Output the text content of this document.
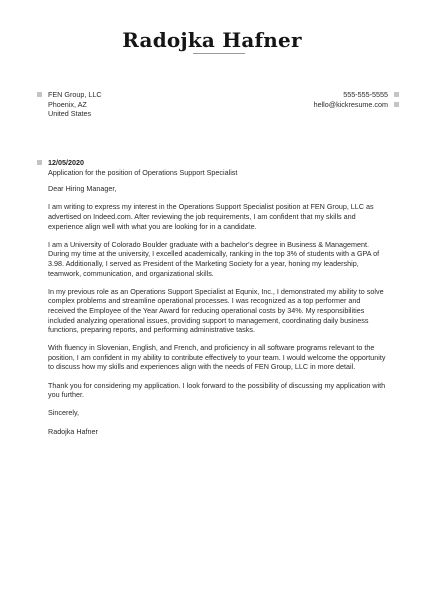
Radojka Hafner
FEN Group, LLC
Phoenix, AZ
United States
555-555-5555
hello@kickresume.com
12/05/2020
Application for the position of Operations Support Specialist

Dear Hiring Manager,

I am writing to express my interest in the Operations Support Specialist position at FEN Group, LLC as advertised on Indeed.com. After reviewing the job requirements, I am confident that my skills and experience align well with what you are looking for in a candidate.

I am a University of Colorado Boulder graduate with a bachelor's degree in Business & Management. During my time at the university, I excelled academically, ranking in the top 3% of students with a GPA of 3.98. Additionally, I served as President of the Marketing Society for a year, honing my leadership, teamwork, communication, and organizational skills.

In my previous role as an Operations Support Specialist at Equnix, Inc., I demonstrated my ability to solve complex problems and streamline operational processes. I was recognized as a top performer and received the Employee of the Year Award for reducing operational costs by 34%. My responsibilities included analyzing operational issues, providing support to management, coordinating daily business functions, preparing reports, and performing administrative tasks.

With fluency in Slovenian, English, and French, and proficiency in all software programs relevant to the position, I am confident in my ability to contribute effectively to your team. I would welcome the opportunity to discuss how my skills and experiences align with the needs of FEN Group, LLC in more detail.

Thank you for considering my application. I look forward to the possibility of discussing my application with you further.

Sincerely,

Radojka Hafner
